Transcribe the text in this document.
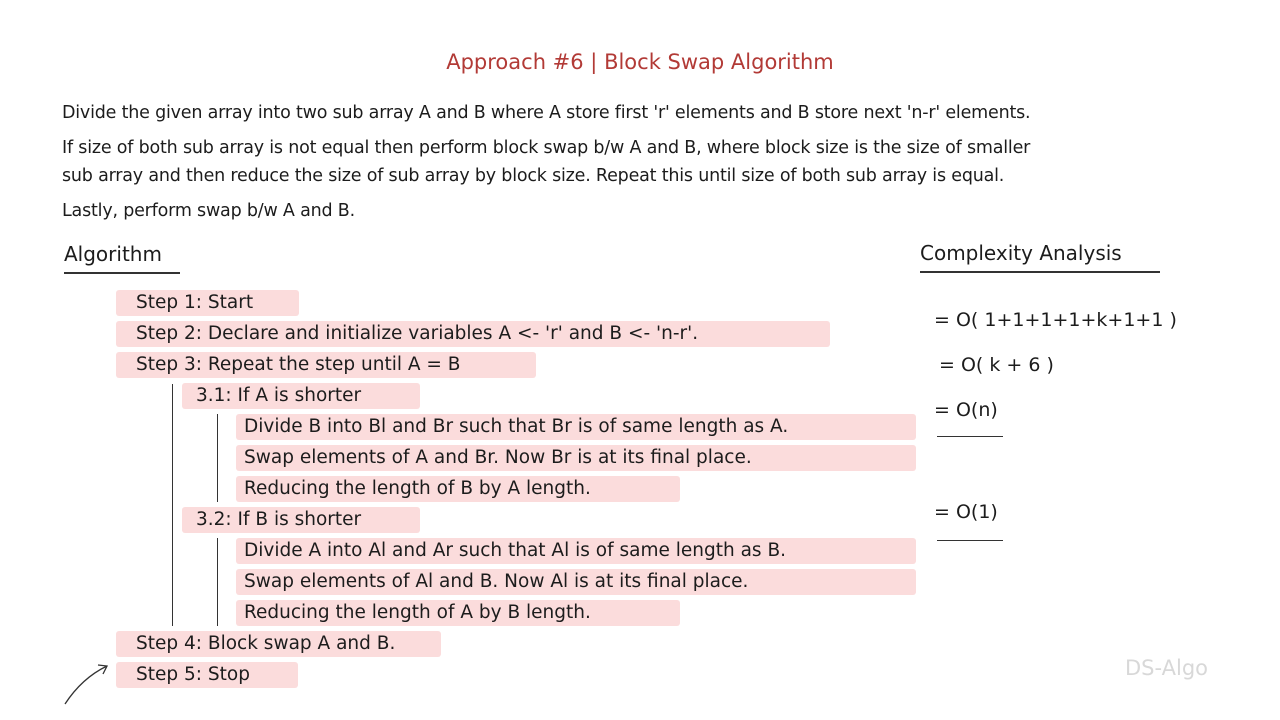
Approach #6 | Block Swap Algorithm
Divide the given array into two sub array A and B where A store first 'r' elements and B store next 'n-r' elements.
If size of both sub array is not equal then perform block swap b/w A and B, where block size is the size of smaller
sub array and then reduce the size of sub array by block size. Repeat this until size of both sub array is equal.
Lastly, perform swap b/w A and B.
Algorithm	Complexity Analysis
Step 1: Start
Step 2: Declare and initialize variables A <- 'r' and B <- 'n-r'.
Step 3: Repeat the step until A = B
3.1: If A is shorter
Divide B into Bl and Br such that Br is of same length as A.
Swap elements of A and Br. Now Br is at its final place.
Reducing the length of B by A length.
3.2: If B is shorter
Divide A into Al and Ar such that Al is of same length as B.
Swap elements of Al and B. Now Al is at its final place.
Reducing the length of A by B length.
Step 4: Block swap A and B.
Step 5: Stop
= O( 1+1+1+1+k+1+1 )
= O( k + 6 )
= O(n)
= O(1)
DS-Algo
